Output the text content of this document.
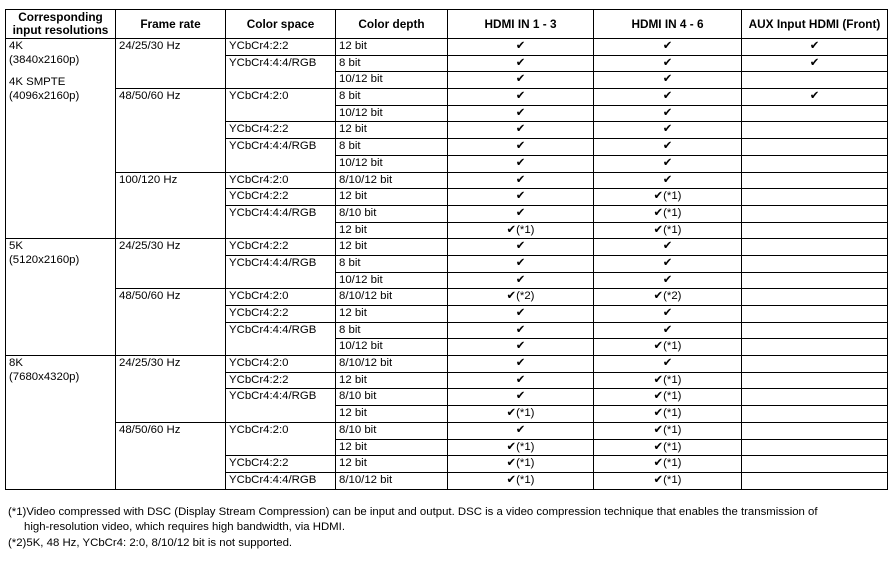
Corresponding input resolutions	Frame rate	Color space	Color depth	HDMI IN 1 - 3	HDMI IN 4 - 6	AUX Input HDMI (Front)

4K
(3840x2160p)
4K SMPTE
(4096x2160p)	24/25/30 Hz	YCbCr4:2:2	12 bit	✔	✔	✔
		YCbCr4:4:4/RGB	8 bit	✔	✔	✔
			10/12 bit	✔	✔	
	48/50/60 Hz	YCbCr4:2:0	8 bit	✔	✔	✔
			10/12 bit	✔	✔	
		YCbCr4:2:2	12 bit	✔	✔	
		YCbCr4:4:4/RGB	8 bit	✔	✔	
			10/12 bit	✔	✔	
	100/120 Hz	YCbCr4:2:0	8/10/12 bit	✔	✔	
		YCbCr4:2:2	12 bit	✔	✔(*1)	
		YCbCr4:4:4/RGB	8/10 bit	✔	✔(*1)	
			12 bit	✔(*1)	✔(*1)	

5K
(5120x2160p)	24/25/30 Hz	YCbCr4:2:2	12 bit	✔	✔	
		YCbCr4:4:4/RGB	8 bit	✔	✔	
			10/12 bit	✔	✔	
	48/50/60 Hz	YCbCr4:2:0	8/10/12 bit	✔(*2)	✔(*2)	
		YCbCr4:2:2	12 bit	✔	✔	
		YCbCr4:4:4/RGB	8 bit	✔	✔	
			10/12 bit	✔	✔(*1)	

8K
(7680x4320p)	24/25/30 Hz	YCbCr4:2:0	8/10/12 bit	✔	✔	
		YCbCr4:2:2	12 bit	✔	✔(*1)	
		YCbCr4:4:4/RGB	8/10 bit	✔	✔(*1)	
			12 bit	✔(*1)	✔(*1)	
	48/50/60 Hz	YCbCr4:2:0	8/10 bit	✔	✔(*1)	
			12 bit	✔(*1)	✔(*1)	
		YCbCr4:2:2	12 bit	✔(*1)	✔(*1)	
		YCbCr4:4:4/RGB	8/10/12 bit	✔(*1)	✔(*1)	

(*1)Video compressed with DSC (Display Stream Compression) can be input and output. DSC is a video compression technique that enables the transmission of

high-resolution video, which requires high bandwidth, via HDMI.

(*2)5K, 48 Hz, YCbCr4: 2:0, 8/10/12 bit is not supported.
